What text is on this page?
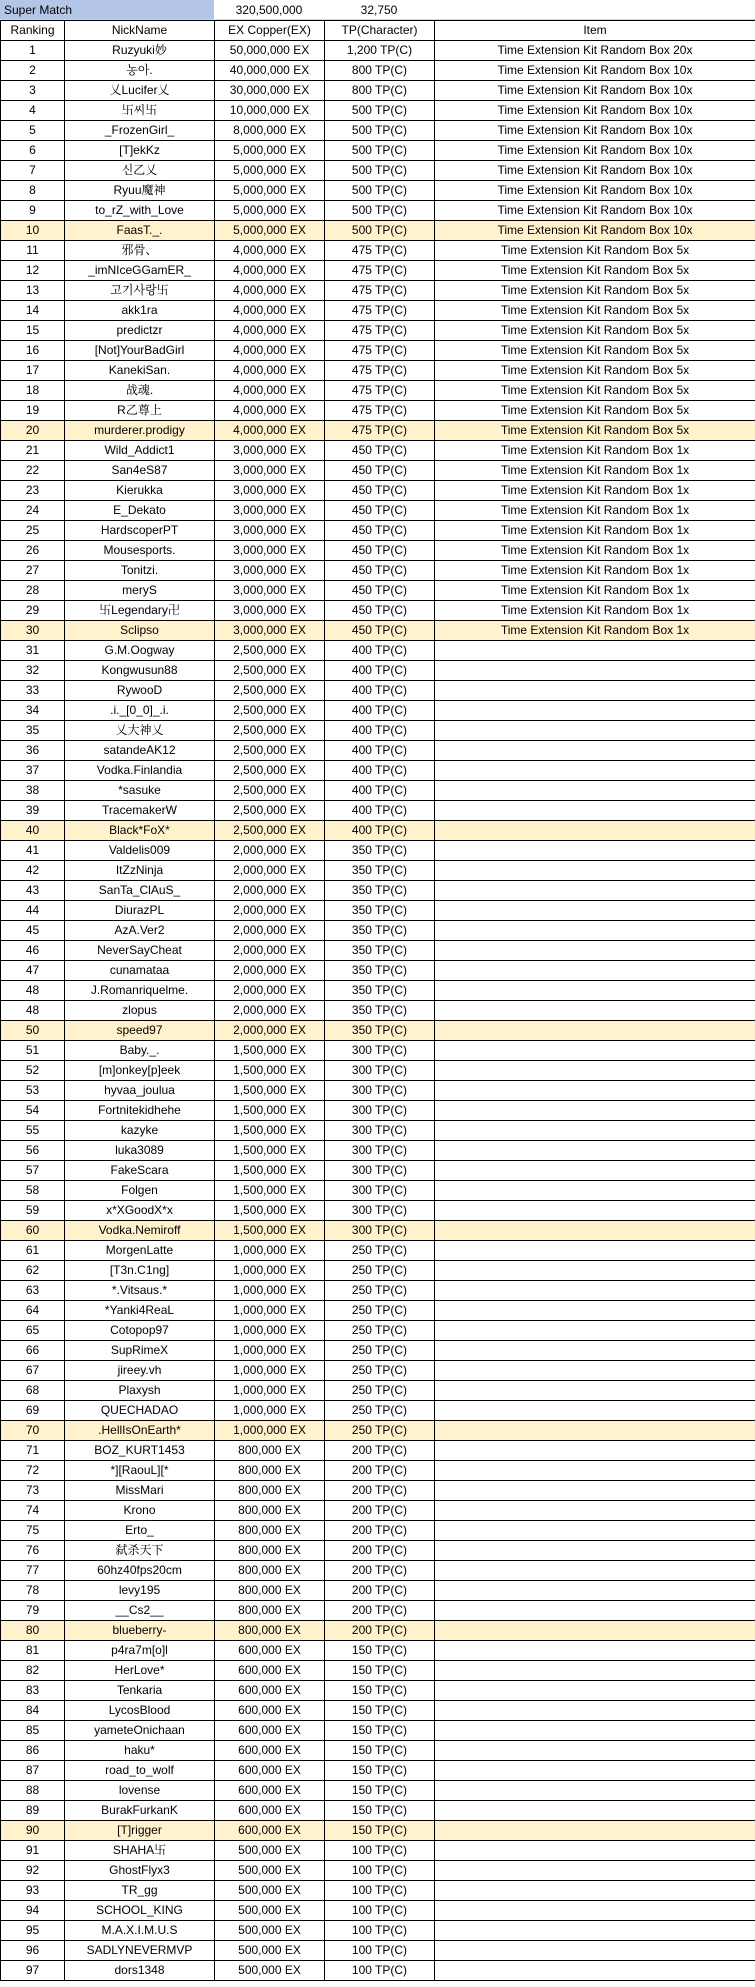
Super Match	320,500,000	32,750
Ranking	NickName	EX Copper(EX)	TP(Character)	Item
1	Ruzyuki妙	50,000,000 EX	1,200 TP(C)	Time Extension Kit Random Box 20x
2	농아.	40,000,000 EX	800 TP(C)	Time Extension Kit Random Box 10x
3	乂Lucifer乂	30,000,000 EX	800 TP(C)	Time Extension Kit Random Box 10x
4	卐씨卐	10,000,000 EX	500 TP(C)	Time Extension Kit Random Box 10x
5	_FrozenGirl_	8,000,000 EX	500 TP(C)	Time Extension Kit Random Box 10x
6	[T]ekKz	5,000,000 EX	500 TP(C)	Time Extension Kit Random Box 10x
7	신乙乂	5,000,000 EX	500 TP(C)	Time Extension Kit Random Box 10x
8	Ryuu魔神	5,000,000 EX	500 TP(C)	Time Extension Kit Random Box 10x
9	to_rZ_with_Love	5,000,000 EX	500 TP(C)	Time Extension Kit Random Box 10x
10	FaasT._.	5,000,000 EX	500 TP(C)	Time Extension Kit Random Box 10x
11	邪骨、	4,000,000 EX	475 TP(C)	Time Extension Kit Random Box 5x
12	_imNIceGGamER_	4,000,000 EX	475 TP(C)	Time Extension Kit Random Box 5x
13	고기사랑卐	4,000,000 EX	475 TP(C)	Time Extension Kit Random Box 5x
14	akk1ra	4,000,000 EX	475 TP(C)	Time Extension Kit Random Box 5x
15	predictzr	4,000,000 EX	475 TP(C)	Time Extension Kit Random Box 5x
16	[Not]YourBadGirl	4,000,000 EX	475 TP(C)	Time Extension Kit Random Box 5x
17	KanekiSan.	4,000,000 EX	475 TP(C)	Time Extension Kit Random Box 5x
18	战魂.	4,000,000 EX	475 TP(C)	Time Extension Kit Random Box 5x
19	R乙尊上	4,000,000 EX	475 TP(C)	Time Extension Kit Random Box 5x
20	murderer.prodigy	4,000,000 EX	475 TP(C)	Time Extension Kit Random Box 5x
21	Wild_Addict1	3,000,000 EX	450 TP(C)	Time Extension Kit Random Box 1x
22	San4eS87	3,000,000 EX	450 TP(C)	Time Extension Kit Random Box 1x
23	Kierukka	3,000,000 EX	450 TP(C)	Time Extension Kit Random Box 1x
24	E_Dekato	3,000,000 EX	450 TP(C)	Time Extension Kit Random Box 1x
25	HardscoperPT	3,000,000 EX	450 TP(C)	Time Extension Kit Random Box 1x
26	Mousesports.	3,000,000 EX	450 TP(C)	Time Extension Kit Random Box 1x
27	Tonitzi.	3,000,000 EX	450 TP(C)	Time Extension Kit Random Box 1x
28	meryS	3,000,000 EX	450 TP(C)	Time Extension Kit Random Box 1x
29	卐Legendary卍	3,000,000 EX	450 TP(C)	Time Extension Kit Random Box 1x
30	Sclipso	3,000,000 EX	450 TP(C)	Time Extension Kit Random Box 1x
31	G.M.Oogway	2,500,000 EX	400 TP(C)	
32	Kongwusun88	2,500,000 EX	400 TP(C)	
33	RywooD	2,500,000 EX	400 TP(C)	
34	.i._[0_0]_.i.	2,500,000 EX	400 TP(C)	
35	乂大神乂	2,500,000 EX	400 TP(C)	
36	satandeAK12	2,500,000 EX	400 TP(C)	
37	Vodka.Finlandia	2,500,000 EX	400 TP(C)	
38	*sasuke	2,500,000 EX	400 TP(C)	
39	TracemakerW	2,500,000 EX	400 TP(C)	
40	Black*FoX*	2,500,000 EX	400 TP(C)	
41	Valdelis009	2,000,000 EX	350 TP(C)	
42	ItZzNinja	2,000,000 EX	350 TP(C)	
43	SanTa_ClAuS_	2,000,000 EX	350 TP(C)	
44	DiurazPL	2,000,000 EX	350 TP(C)	
45	AzA.Ver2	2,000,000 EX	350 TP(C)	
46	NeverSayCheat	2,000,000 EX	350 TP(C)	
47	cunamataa	2,000,000 EX	350 TP(C)	
48	J.Romanriquelme.	2,000,000 EX	350 TP(C)	
48	zlopus	2,000,000 EX	350 TP(C)	
50	speed97	2,000,000 EX	350 TP(C)	
51	Baby._.	1,500,000 EX	300 TP(C)	
52	[m]onkey[p]eek	1,500,000 EX	300 TP(C)	
53	hyvaa_joulua	1,500,000 EX	300 TP(C)	
54	Fortnitekidhehe	1,500,000 EX	300 TP(C)	
55	kazyke	1,500,000 EX	300 TP(C)	
56	luka3089	1,500,000 EX	300 TP(C)	
57	FakeScara	1,500,000 EX	300 TP(C)	
58	Folgen	1,500,000 EX	300 TP(C)	
59	x*XGoodX*x	1,500,000 EX	300 TP(C)	
60	Vodka.Nemiroff	1,500,000 EX	300 TP(C)	
61	MorgenLatte	1,000,000 EX	250 TP(C)	
62	[T3n.C1ng]	1,000,000 EX	250 TP(C)	
63	*.Vitsaus.*	1,000,000 EX	250 TP(C)	
64	*Yanki4ReaL	1,000,000 EX	250 TP(C)	
65	Cotopop97	1,000,000 EX	250 TP(C)	
66	SupRimeX	1,000,000 EX	250 TP(C)	
67	jireey.vh	1,000,000 EX	250 TP(C)	
68	Plaxysh	1,000,000 EX	250 TP(C)	
69	QUECHADAO	1,000,000 EX	250 TP(C)	
70	.HellIsOnEarth*	1,000,000 EX	250 TP(C)	
71	BOZ_KURT1453	800,000 EX	200 TP(C)	
72	*][RaouL][*	800,000 EX	200 TP(C)	
73	MissMari	800,000 EX	200 TP(C)	
74	Krono	800,000 EX	200 TP(C)	
75	Erto_	800,000 EX	200 TP(C)	
76	弑杀天下	800,000 EX	200 TP(C)	
77	60hz40fps20cm	800,000 EX	200 TP(C)	
78	levy195	800,000 EX	200 TP(C)	
79	__Cs2__	800,000 EX	200 TP(C)	
80	blueberry-	800,000 EX	200 TP(C)	
81	p4ra7m[o]l	600,000 EX	150 TP(C)	
82	HerLove*	600,000 EX	150 TP(C)	
83	Tenkaria	600,000 EX	150 TP(C)	
84	LycosBlood	600,000 EX	150 TP(C)	
85	yameteOnichaan	600,000 EX	150 TP(C)	
86	haku*	600,000 EX	150 TP(C)	
87	road_to_wolf	600,000 EX	150 TP(C)	
88	lovense	600,000 EX	150 TP(C)	
89	BurakFurkanK	600,000 EX	150 TP(C)	
90	[T]rigger	600,000 EX	150 TP(C)	
91	SHAHA卐	500,000 EX	100 TP(C)	
92	GhostFlyx3	500,000 EX	100 TP(C)	
93	TR_gg	500,000 EX	100 TP(C)	
94	SCHOOL_KING	500,000 EX	100 TP(C)	
95	M.A.X.I.M.U.S	500,000 EX	100 TP(C)	
96	SADLYNEVERMVP	500,000 EX	100 TP(C)	
97	dors1348	500,000 EX	100 TP(C)	
